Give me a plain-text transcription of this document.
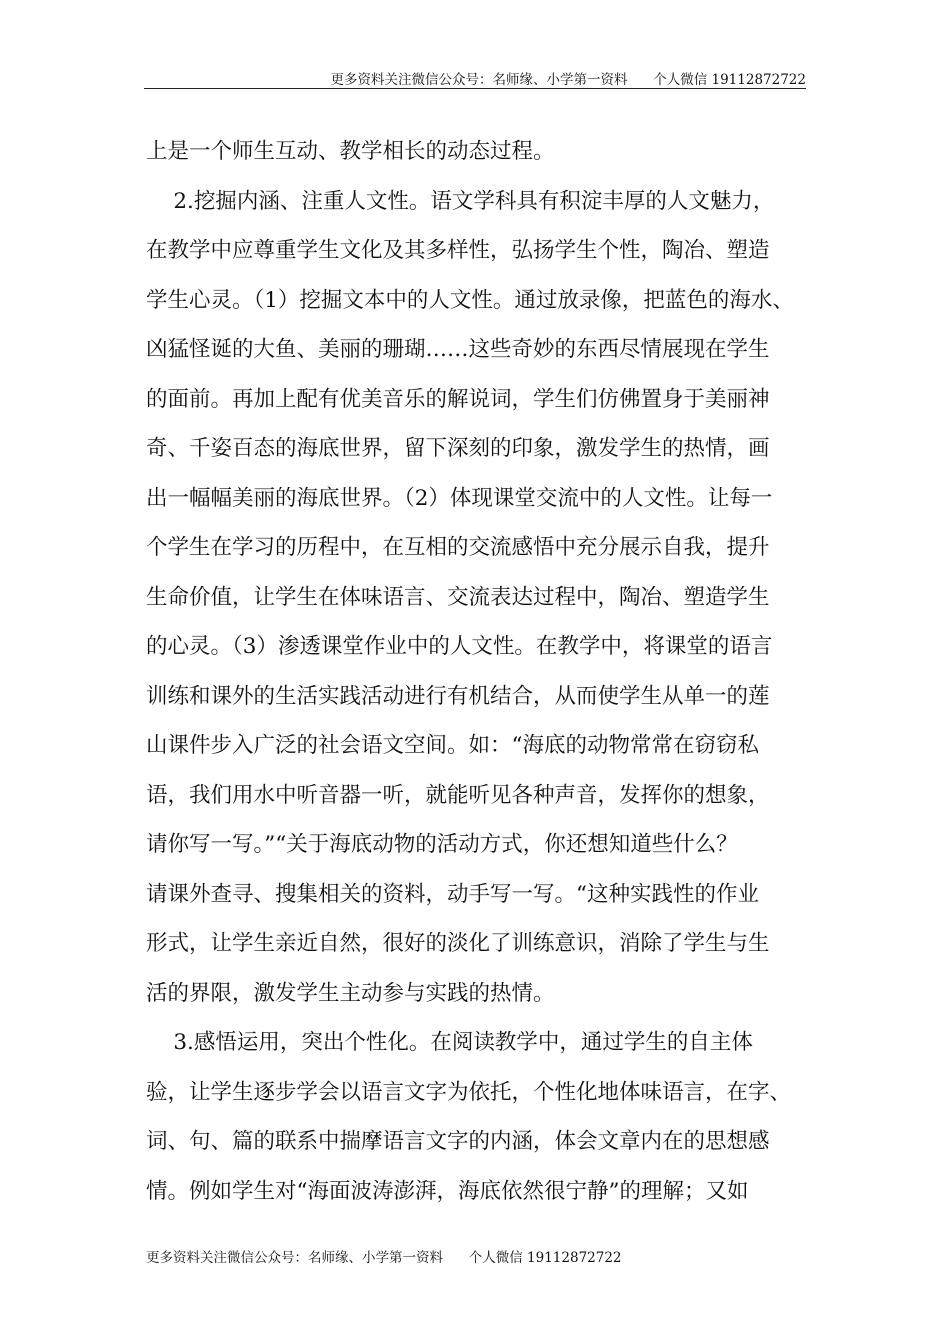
更多资料关注微信公众号：名师缘、小学第一资料      个人微信 19112872722
上是一个师生互动、教学相长的动态过程。
2.挖掘内涵、注重人文性。语文学科具有积淀丰厚的人文魅力，
在教学中应尊重学生文化及其多样性，弘扬学生个性，陶冶、塑造
学生心灵。（1）挖掘文本中的人文性。通过放录像，把蓝色的海水、
凶猛怪诞的大鱼、美丽的珊瑚……这些奇妙的东西尽情展现在学生
的面前。再加上配有优美音乐的解说词，学生们仿佛置身于美丽神
奇、千姿百态的海底世界，留下深刻的印象，激发学生的热情，画
出一幅幅美丽的海底世界。（2）体现课堂交流中的人文性。让每一
个学生在学习的历程中，在互相的交流感悟中充分展示自我，提升
生命价值，让学生在体味语言、交流表达过程中，陶冶、塑造学生
的心灵。（3）渗透课堂作业中的人文性。在教学中，将课堂的语言
训练和课外的生活实践活动进行有机结合，从而使学生从单一的莲
山课件步入广泛的社会语文空间。如：“海底的动物常常在窃窃私
语，我们用水中听音器一听，就能听见各种声音，发挥你的想象，
请你写一写。”“关于海底动物的活动方式，你还想知道些什么？
请课外查寻、搜集相关的资料，动手写一写。“这种实践性的作业
形式，让学生亲近自然，很好的淡化了训练意识，消除了学生与生
活的界限，激发学生主动参与实践的热情。
3.感悟运用，突出个性化。在阅读教学中，通过学生的自主体
验，让学生逐步学会以语言文字为依托，个性化地体味语言，在字、
词、句、篇的联系中揣摩语言文字的内涵，体会文章内在的思想感
情。例如学生对“海面波涛澎湃，海底依然很宁静”的理解；又如
更多资料关注微信公众号：名师缘、小学第一资料      个人微信 19112872722
